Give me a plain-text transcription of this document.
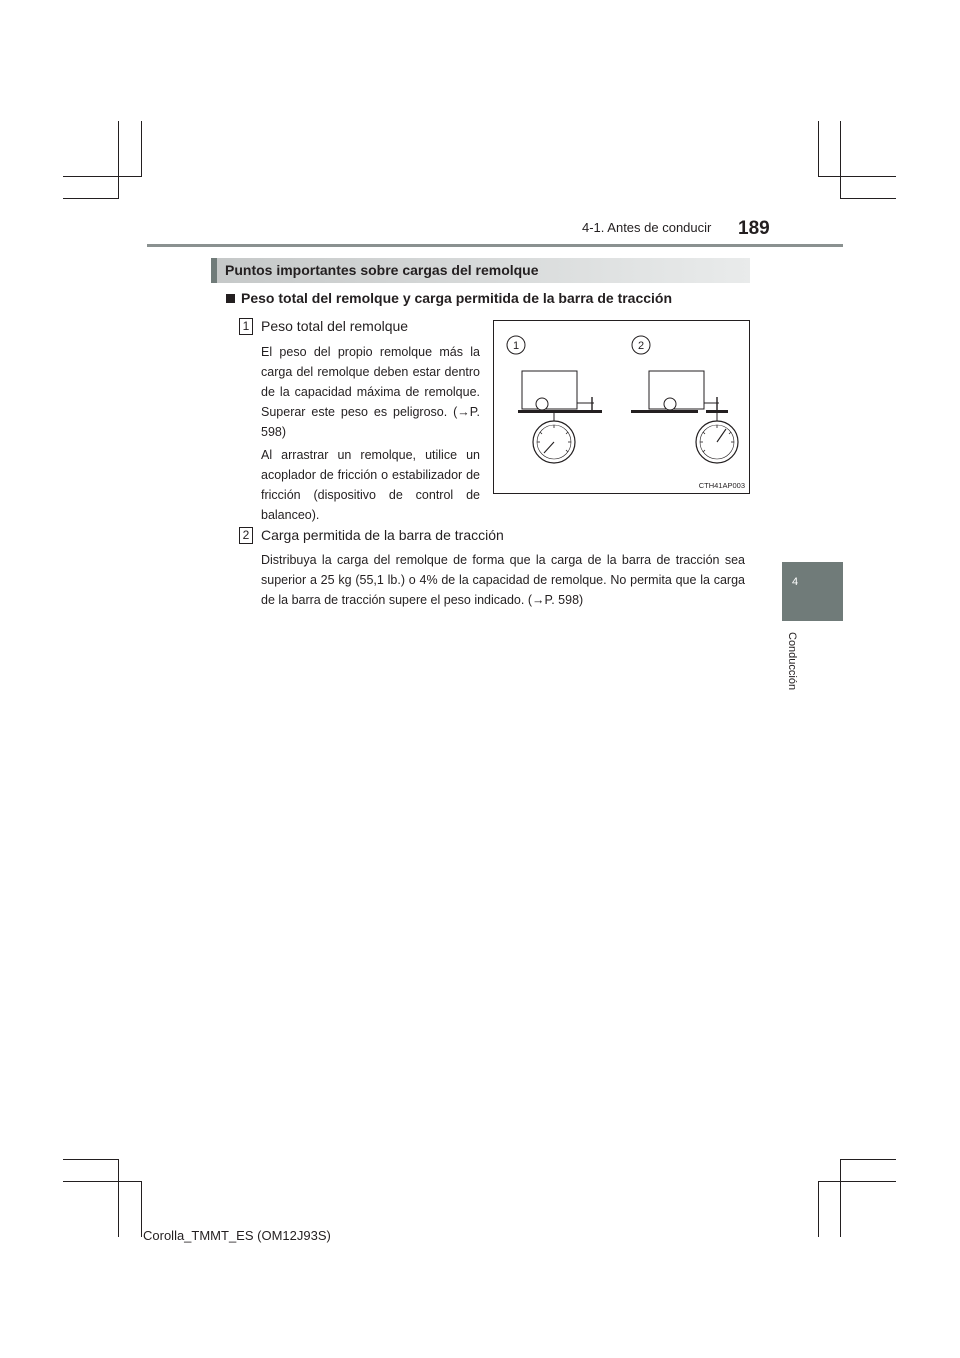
4-1. Antes de conducir 189
4
Conducción
Puntos importantes sobre cargas del remolque
Peso total del remolque y carga permitida de la barra de tracción
1 Peso total del remolque
El peso del propio remolque más la carga del remolque deben estar dentro de la capacidad máxima de remolque. Superar este peso es peligroso. (→P. 598)
Al arrastrar un remolque, utilice un acoplador de fricción o estabilizador de fricción (dispositivo de control de balanceo).
1	2
CTH41AP003
2 Carga permitida de la barra de tracción
Distribuya la carga del remolque de forma que la carga de la barra de tracción sea superior a 25 kg (55,1 lb.) o 4% de la capacidad de remolque. No permita que la carga de la barra de tracción supere el peso indicado. (→P. 598)
Corolla_TMMT_ES (OM12J93S)
